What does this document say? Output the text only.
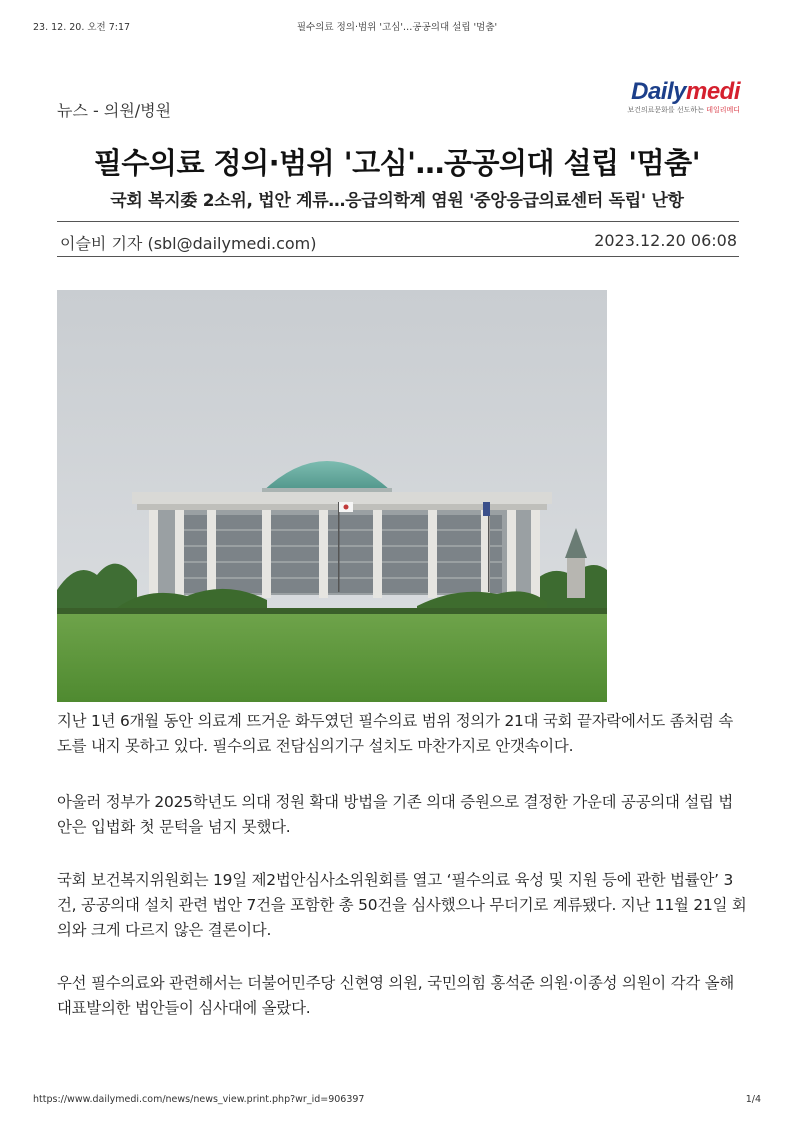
23. 12. 20. 오전 7:17	필수의료 정의·범위 '고심'…공공의대 설립 '멈춤'
뉴스 - 의원/병원
Dailymedi
보건의료문화를 선도하는 데일리메디
필수의료 정의·범위 '고심'…공공의대 설립 '멈춤'
국회 복지委 2소위, 법안 계류…응급의학계 염원 '중앙응급의료센터 독립' 난항
이슬비 기자 (sbl@dailymedi.com)	2023.12.20 06:08
지난 1년 6개월 동안 의료계 뜨거운 화두였던 필수의료 범위 정의가 21대 국회 끝자락에서도 좀처럼 속도를 내지 못하고 있다. 필수의료 전담심의기구 설치도 마찬가지로 안갯속이다.
아울러 정부가 2025학년도 의대 정원 확대 방법을 기존 의대 증원으로 결정한 가운데 공공의대 설립 법안은 입법화 첫 문턱을 넘지 못했다.
국회 보건복지위원회는 19일 제2법안심사소위원회를 열고 ‘필수의료 육성 및 지원 등에 관한 법률안’ 3건, 공공의대 설치 관련 법안 7건을 포함한 총 50건을 심사했으나 무더기로 계류됐다. 지난 11월 21일 회의와 크게 다르지 않은 결론이다.
우선 필수의료와 관련해서는 더불어민주당 신현영 의원, 국민의힘 홍석준 의원·이종성 의원이 각각 올해 대표발의한 법안들이 심사대에 올랐다.
https://www.dailymedi.com/news/news_view.print.php?wr_id=906397	1/4
